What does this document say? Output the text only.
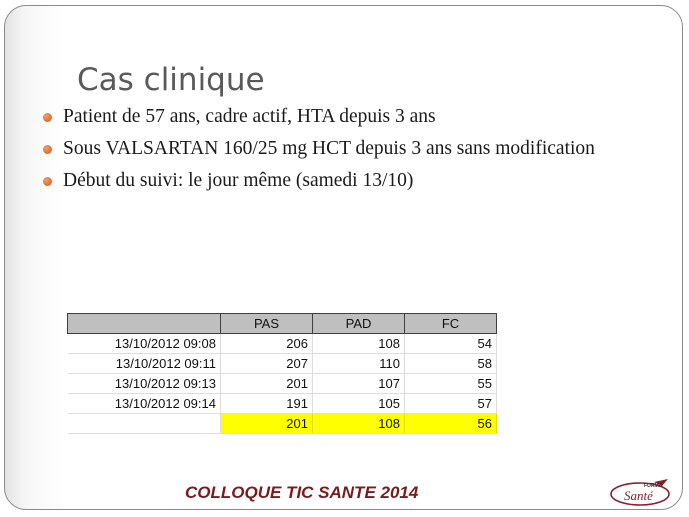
Cas clinique
Patient de 57 ans, cadre actif, HTA depuis 3 ans
Sous VALSARTAN 160/25 mg HCT depuis 3 ans sans modification
Début du suivi: le jour même (samedi 13/10)
	PAS	PAD	FC
13/10/2012 09:08	206	108	54
13/10/2012 09:11	207	110	58
13/10/2012 09:13	201	107	55
13/10/2012 09:14	191	105	57
	201	108	56

COLLOQUE TIC SANTE 2014	FORMA
Santé
